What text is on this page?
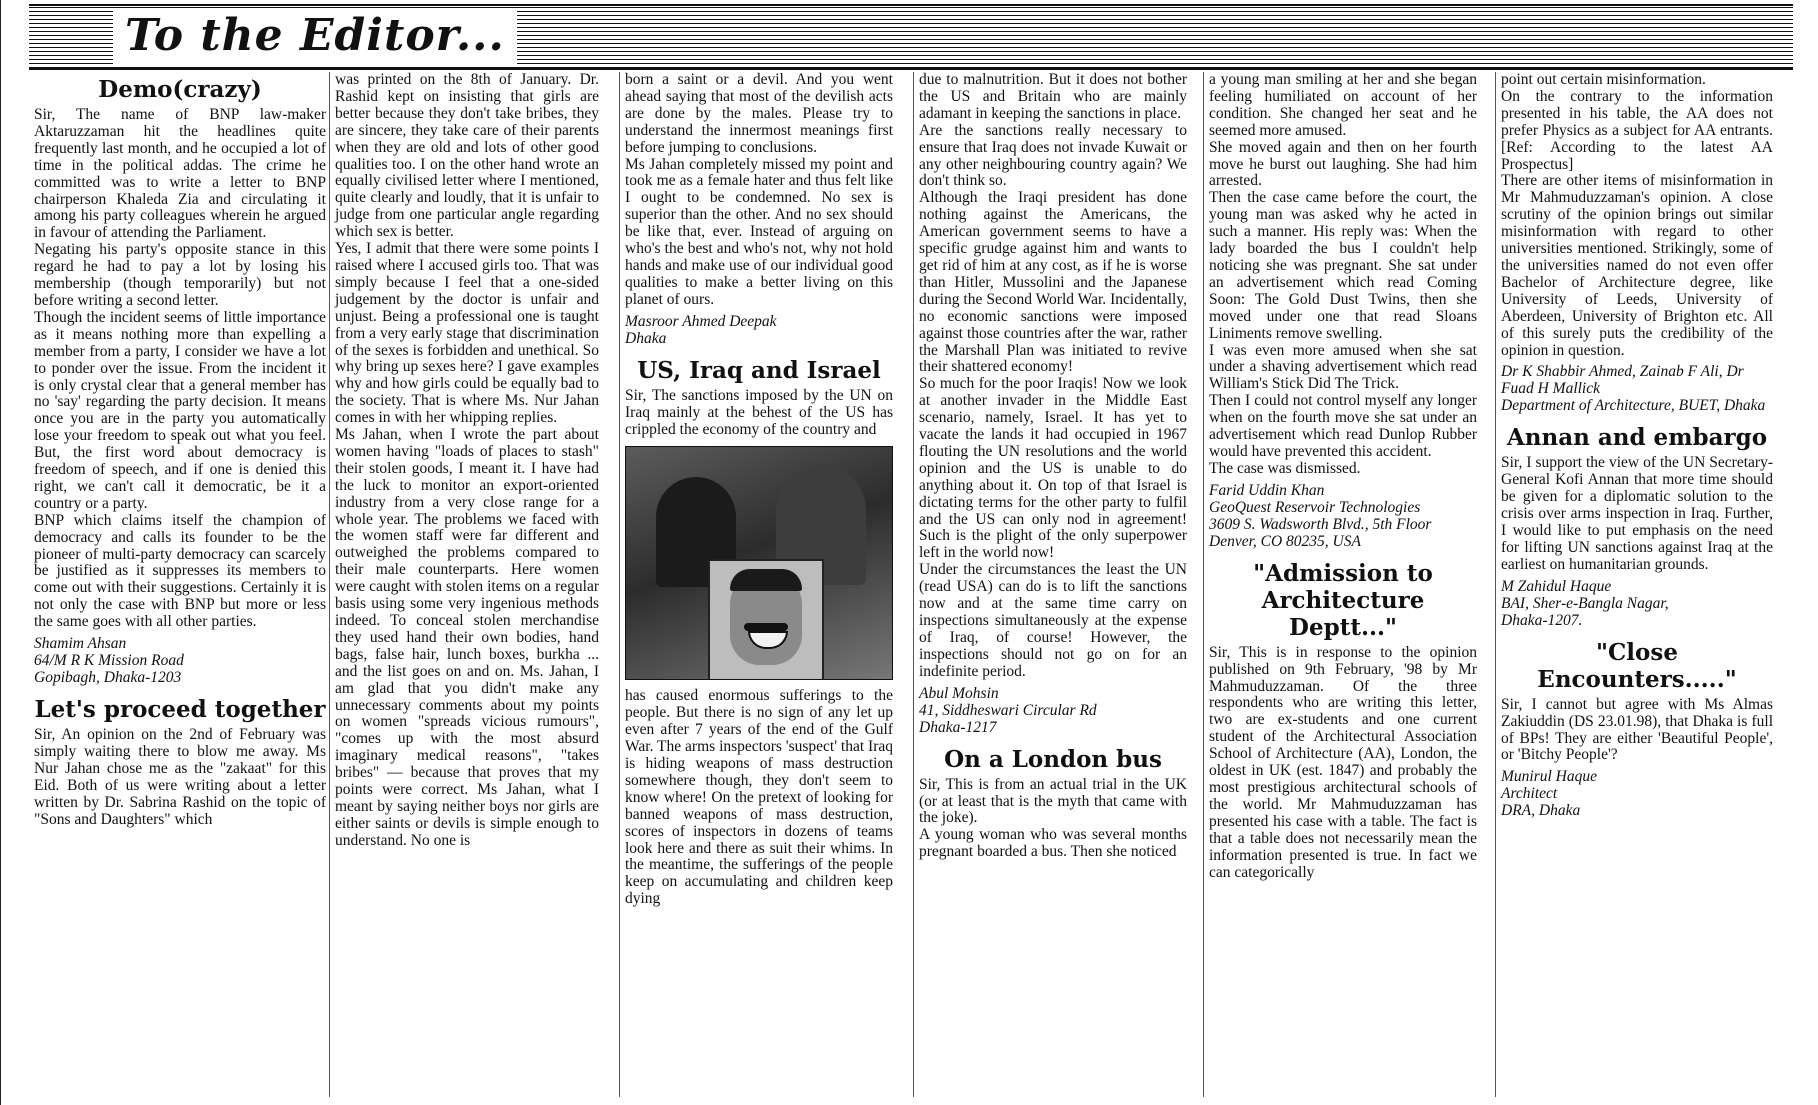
To the Editor...
Demo(crazy)

Sir, The name of BNP law-maker Aktaruzzaman hit the headlines quite frequently last month, and he occupied a lot of time in the political addas. The crime he committed was to write a letter to BNP chairperson Khaleda Zia and circulating it among his party colleagues wherein he argued in favour of attending the Parliament.
Negating his party's opposite stance in this regard he had to pay a lot by losing his membership (though temporarily) but not before writing a second letter.
Though the incident seems of little importance as it means nothing more than expelling a member from a party, I consider we have a lot to ponder over the issue. From the incident it is only crystal clear that a general member has no 'say' regarding the party decision. It means once you are in the party you automatically lose your freedom to speak out what you feel. But, the first word about democracy is freedom of speech, and if one is denied this right, we can't call it democratic, be it a country or a party.
BNP which claims itself the champion of democracy and calls its founder to be the pioneer of multi-party democracy can scarcely be justified as it suppresses its members to come out with their suggestions. Certainly it is not only the case with BNP but more or less the same goes with all other parties.

Shamim Ahsan
64/M R K Mission Road
Gopibagh, Dhaka-1203
Let's proceed together

Sir, An opinion on the 2nd of February was simply waiting there to blow me away. Ms Nur Jahan chose me as the "zakaat" for this Eid. Both of us were writing about a letter written by Dr. Sabrina Rashid on the topic of "Sons and Daughters" which

was printed on the 8th of January. Dr. Rashid kept on insisting that girls are better because they don't take bribes, they are sincere, they take care of their parents when they are old and lots of other good qualities too. I on the other hand wrote an equally civilised letter where I mentioned, quite clearly and loudly, that it is unfair to judge from one particular angle regarding which sex is better.
Yes, I admit that there were some points I raised where I accused girls too. That was simply because I feel that a one-sided judgement by the doctor is unfair and unjust. Being a professional one is taught from a very early stage that discrimination of the sexes is forbidden and unethical. So why bring up sexes here? I gave examples why and how girls could be equally bad to the society. That is where Ms. Nur Jahan comes in with her whipping replies.
Ms Jahan, when I wrote the part about women having "loads of places to stash" their stolen goods, I meant it. I have had the luck to monitor an export-oriented industry from a very close range for a whole year. The problems we faced with the women staff were far different and outweighed the problems compared to their male counterparts. Here women were caught with stolen items on a regular basis using some very ingenious methods indeed. To conceal stolen merchandise they used hand their own bodies, hand bags, false hair, lunch boxes, burkha ... and the list goes on and on. Ms. Jahan, I am glad that you didn't make any unnecessary comments about my points on women "spreads vicious rumours", "comes up with the most absurd imaginary medical reasons", "takes bribes" — because that proves that my points were correct. Ms Jahan, what I meant by saying neither boys nor girls are either saints or devils is simple enough to understand. No one is

born a saint or a devil. And you went ahead saying that most of the devilish acts are done by the males. Please try to understand the innermost meanings first before jumping to conclusions.
Ms Jahan completely missed my point and took me as a female hater and thus felt like I ought to be condemned. No sex is superior than the other. And no sex should be like that, ever. Instead of arguing on who's the best and who's not, why not hold hands and make use of our individual good qualities to make a better living on this planet of ours.

Masroor Ahmed Deepak
Dhaka
US, Iraq and Israel

Sir, The sanctions imposed by the UN on Iraq mainly at the behest of the US has crippled the economy of the country and

has caused enormous sufferings to the people. But there is no sign of any let up even after 7 years of the end of the Gulf War. The arms inspectors 'suspect' that Iraq is hiding weapons of mass destruction somewhere though, they don't seem to know where! On the pretext of looking for banned weapons of mass destruction, scores of inspectors in dozens of teams look here and there as suit their whims. In the meantime, the sufferings of the people keep on accumulating and children keep dying

due to malnutrition. But it does not bother the US and Britain who are mainly adamant in keeping the sanctions in place.
Are the sanctions really necessary to ensure that Iraq does not invade Kuwait or any other neighbouring country again? We don't think so.
Although the Iraqi president has done nothing against the Americans, the American government seems to have a specific grudge against him and wants to get rid of him at any cost, as if he is worse than Hitler, Mussolini and the Japanese during the Second World War. Incidentally, no economic sanctions were imposed against those countries after the war, rather the Marshall Plan was initiated to revive their shattered economy!
So much for the poor Iraqis! Now we look at another invader in the Middle East scenario, namely, Israel. It has yet to vacate the lands it had occupied in 1967 flouting the UN resolutions and the world opinion and the US is unable to do anything about it. On top of that Israel is dictating terms for the other party to fulfil and the US can only nod in agreement! Such is the plight of the only superpower left in the world now!
Under the circumstances the least the UN (read USA) can do is to lift the sanctions now and at the same time carry on inspections simultaneously at the expense of Iraq, of course! However, the inspections should not go on for an indefinite period.

Abul Mohsin
41, Siddheswari Circular Rd
Dhaka-1217
On a London bus

Sir, This is from an actual trial in the UK (or at least that is the myth that came with the joke).
A young woman who was several months pregnant boarded a bus. Then she noticed

a young man smiling at her and she began feeling humiliated on account of her condition. She changed her seat and he seemed more amused.
She moved again and then on her fourth move he burst out laughing. She had him arrested.
Then the case came before the court, the young man was asked why he acted in such a manner. His reply was: When the lady boarded the bus I couldn't help noticing she was pregnant. She sat under an advertisement which read Coming Soon: The Gold Dust Twins, then she moved under one that read Sloans Liniments remove swelling.
I was even more amused when she sat under a shaving advertisement which read William's Stick Did The Trick.
Then I could not control myself any longer when on the fourth move she sat under an advertisement which read Dunlop Rubber would have prevented this accident.
The case was dismissed.

Farid Uddin Khan
GeoQuest Reservoir Technologies
3609 S. Wadsworth Blvd., 5th Floor
Denver, CO 80235, USA
"Admission to Architecture Deptt..."

Sir, This is in response to the opinion published on 9th February, '98 by Mr Mahmuduzzaman. Of the three respondents who are writing this letter, two are ex-students and one current student of the Architectural Association School of Architecture (AA), London, the oldest in UK (est. 1847) and probably the most prestigious architectural schools of the world. Mr Mahmuduzzaman has presented his case with a table. The fact is that a table does not necessarily mean the information presented is true. In fact we can categorically

point out certain misinformation.
On the contrary to the information presented in his table, the AA does not prefer Physics as a subject for AA entrants. [Ref: According to the latest AA Prospectus]
There are other items of misinformation in Mr Mahmuduzzaman's opinion. A close scrutiny of the opinion brings out similar misinformation with regard to other universities mentioned. Strikingly, some of the universities named do not even offer Bachelor of Architecture degree, like University of Leeds, University of Aberdeen, University of Brighton etc. All of this surely puts the credibility of the opinion in question.

Dr K Shabbir Ahmed, Zainab F Ali, Dr Fuad H Mallick
Department of Architecture, BUET, Dhaka
Annan and embargo

Sir, I support the view of the UN Secretary-General Kofi Annan that more time should be given for a diplomatic solution to the crisis over arms inspection in Iraq. Further, I would like to put emphasis on the need for lifting UN sanctions against Iraq at the earliest on humanitarian grounds.

M Zahidul Haque
BAI, Sher-e-Bangla Nagar,
Dhaka-1207.
"Close Encounters....."

Sir, I cannot but agree with Ms Almas Zakiuddin (DS 23.01.98), that Dhaka is full of BPs! They are either 'Beautiful People', or 'Bitchy People'?

Munirul Haque
Architect
DRA, Dhaka
